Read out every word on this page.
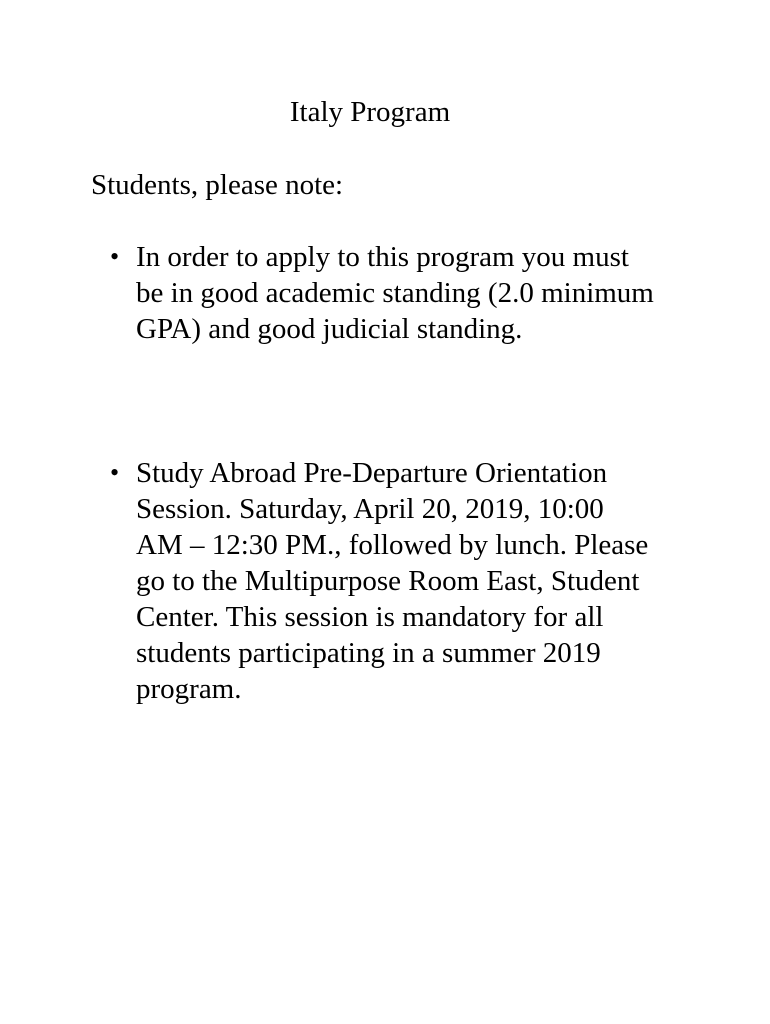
Italy Program

Students, please note:

• In order to apply to this program you must
be in good academic standing (2.0 minimum
GPA) and good judicial standing.
• Study Abroad Pre-Departure Orientation
Session. Saturday, April 20, 2019, 10:00
AM – 12:30 PM., followed by lunch. Please
go to the Multipurpose Room East, Student
Center. This session is mandatory for all
students participating in a summer 2019
program.
